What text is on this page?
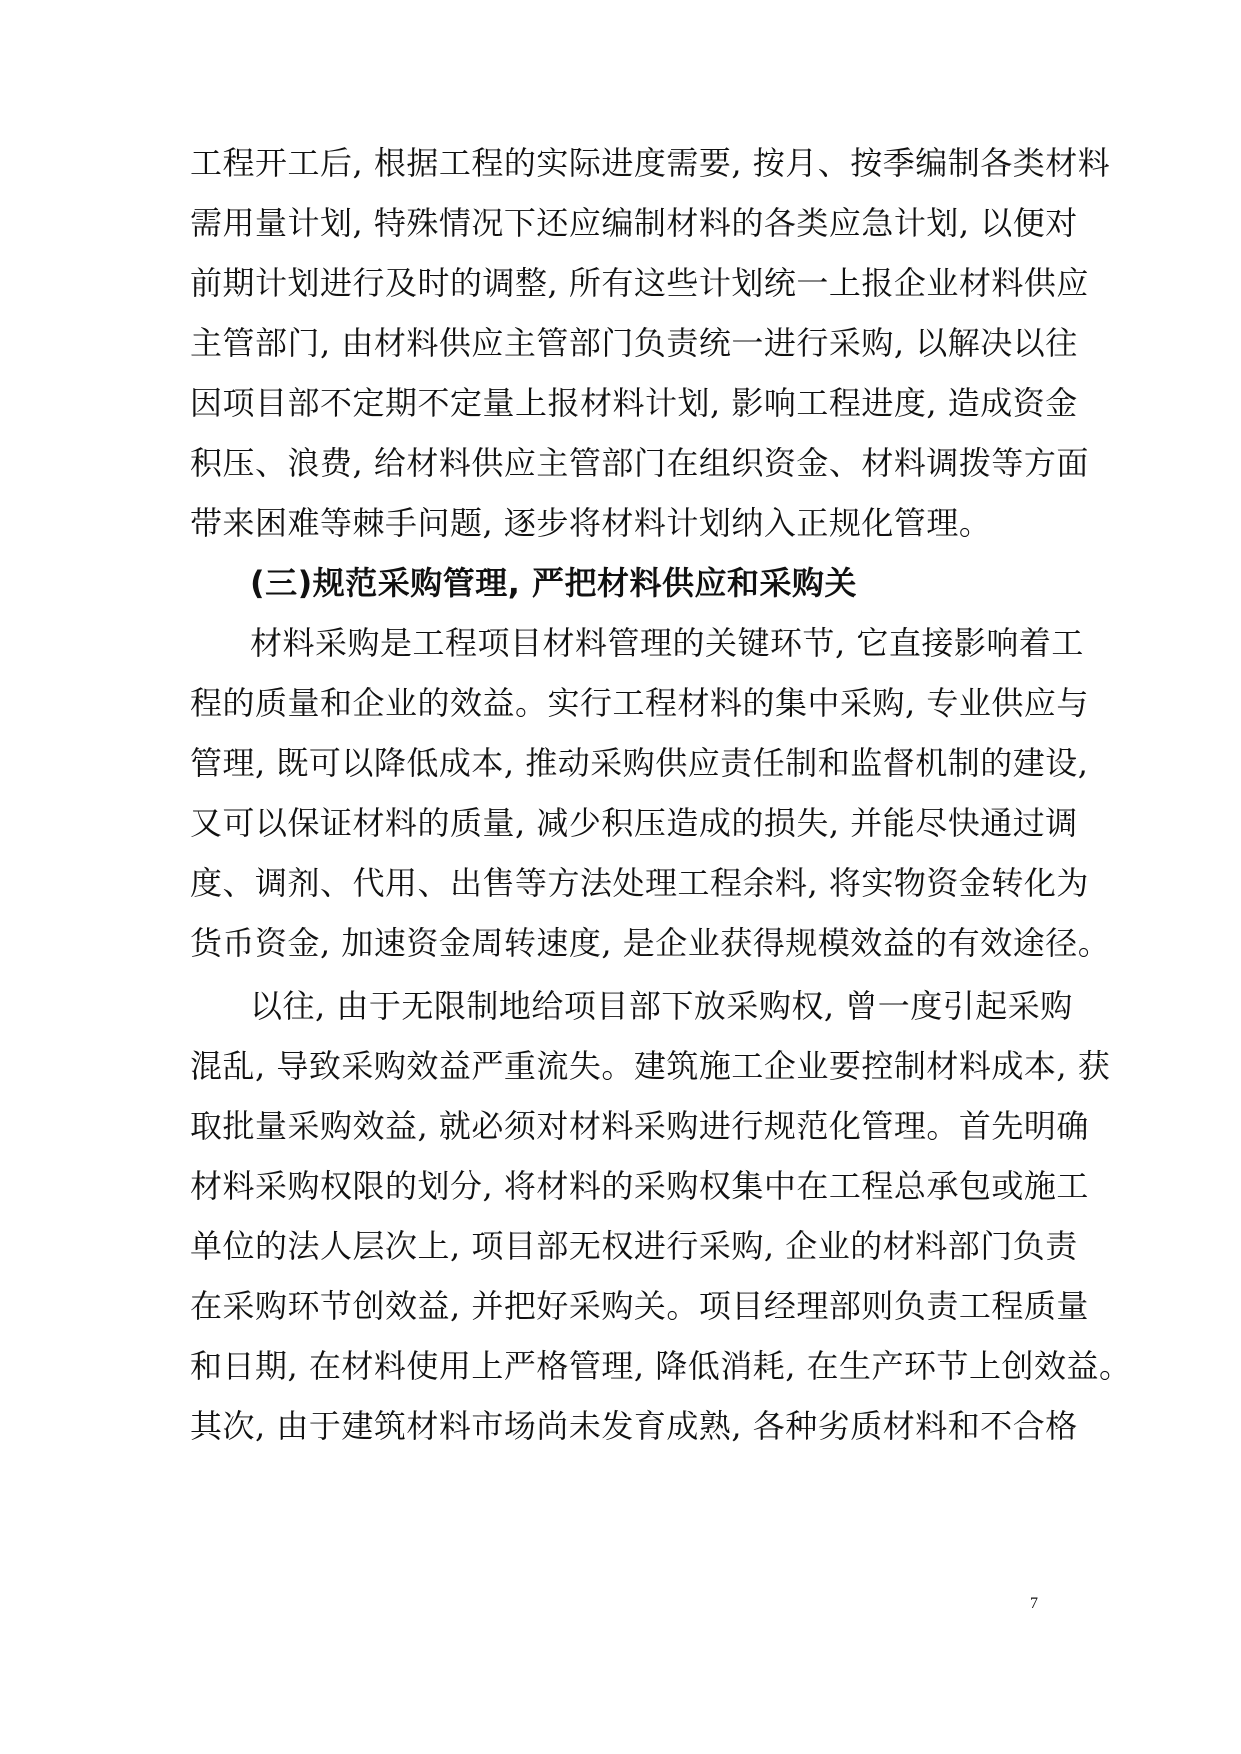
工程开工后, 根据工程的实际进度需要, 按月、按季编制各类材料
需用量计划, 特殊情况下还应编制材料的各类应急计划, 以便对
前期计划进行及时的调整, 所有这些计划统一上报企业材料供应
主管部门, 由材料供应主管部门负责统一进行采购, 以解决以往
因项目部不定期不定量上报材料计划, 影响工程进度, 造成资金
积压、浪费, 给材料供应主管部门在组织资金、材料调拨等方面
带来困难等棘手问题, 逐步将材料计划纳入正规化管理。
(三)规范采购管理, 严把材料供应和采购关
材料采购是工程项目材料管理的关键环节, 它直接影响着工
程的质量和企业的效益。实行工程材料的集中采购, 专业供应与
管理, 既可以降低成本, 推动采购供应责任制和监督机制的建设,
又可以保证材料的质量, 减少积压造成的损失, 并能尽快通过调
度、调剂、代用、出售等方法处理工程余料, 将实物资金转化为
货币资金, 加速资金周转速度, 是企业获得规模效益的有效途径。
以往, 由于无限制地给项目部下放采购权, 曾一度引起采购
混乱, 导致采购效益严重流失。建筑施工企业要控制材料成本, 获
取批量采购效益, 就必须对材料采购进行规范化管理。首先明确
材料采购权限的划分, 将材料的采购权集中在工程总承包或施工
单位的法人层次上, 项目部无权进行采购, 企业的材料部门负责
在采购环节创效益, 并把好采购关。项目经理部则负责工程质量
和日期, 在材料使用上严格管理, 降低消耗, 在生产环节上创效益。
其次, 由于建筑材料市场尚未发育成熟, 各种劣质材料和不合格
7
